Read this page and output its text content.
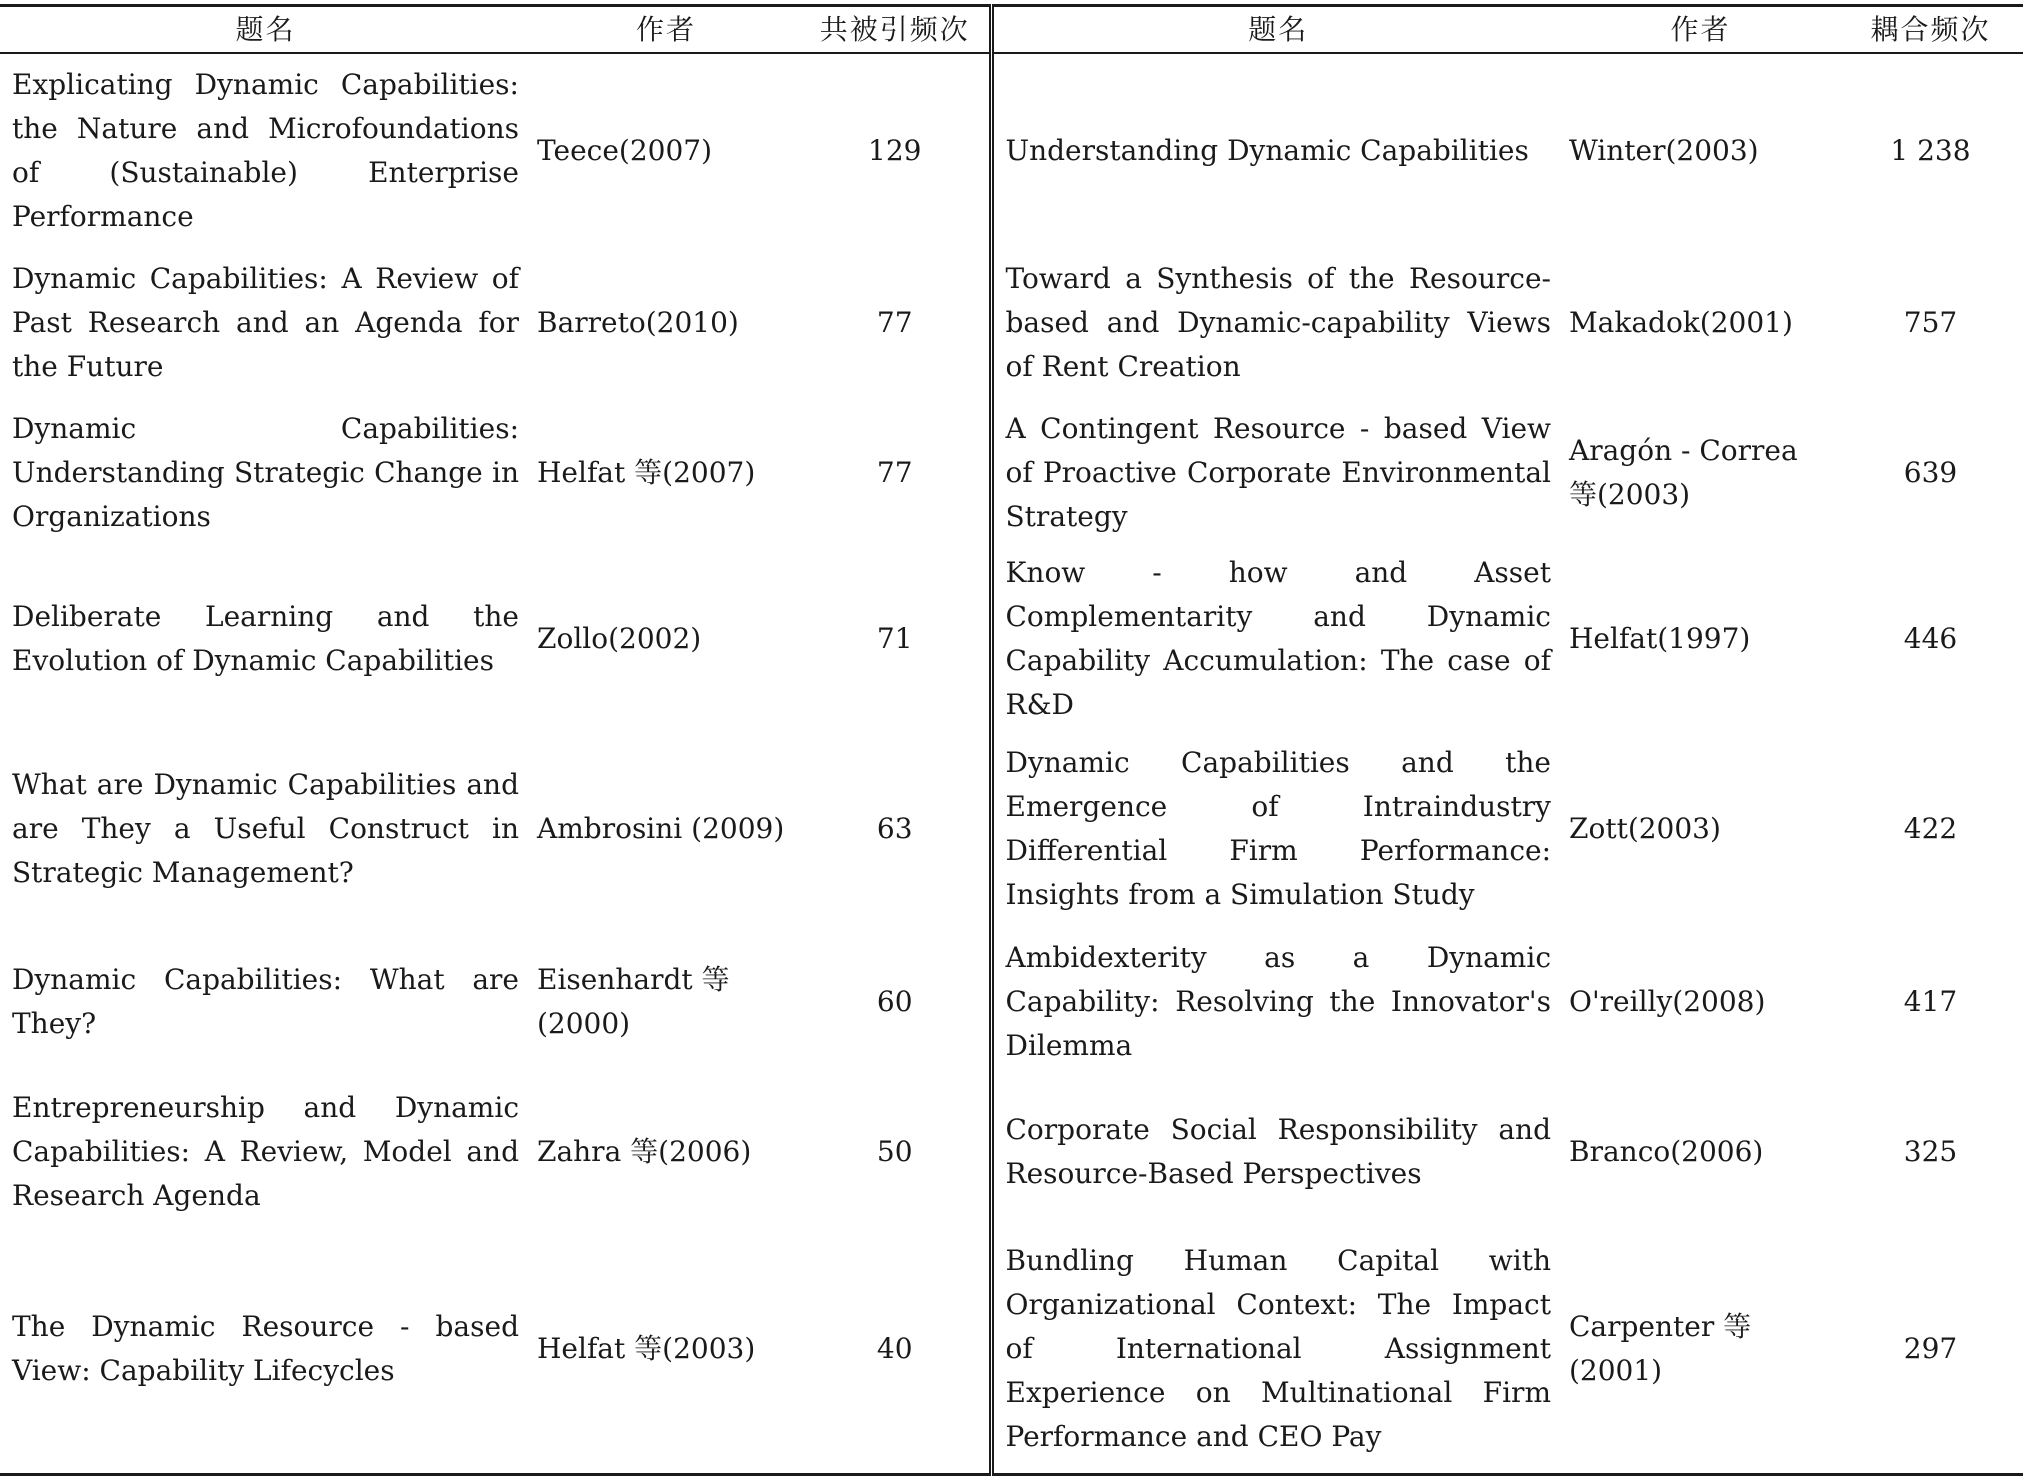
题名	作者	共被引频次	题名	作者	耦合频次
Explicating Dynamic Capabilities: the Nature and Microfoundations of (Sustainable) Enterprise Performance	Teece(2007)	129	Understanding Dynamic Capabilities	Winter(2003)	1 238
Dynamic Capabilities: A Review of Past Research and an Agenda for the Future	Barreto(2010)	77	Toward a Synthesis of the Resource-based and Dynamic-capability Views of Rent Creation	Makadok(2001)	757
Dynamic Capabilities: Understanding Strategic Change in Organizations	Helfat 等(2007)	77	A Contingent Resource - based View of Proactive Corporate Environmental Strategy	Aragón - Correa 等(2003)	639
Deliberate Learning and the Evolution of Dynamic Capabilities	Zollo(2002)	71	Know - how and Asset Complementarity and Dynamic Capability Accumulation: The case of R&D	Helfat(1997)	446
What are Dynamic Capabilities and are They a Useful Construct in Strategic Management?	Ambrosini (2009)	63	Dynamic Capabilities and the Emergence of Intraindustry Differential Firm Performance: Insights from a Simulation Study	Zott(2003)	422
Dynamic Capabilities: What are They?	Eisenhardt 等 (2000)	60	Ambidexterity as a Dynamic Capability: Resolving the Innovator's Dilemma	O'reilly(2008)	417
Entrepreneurship and Dynamic Capabilities: A Review, Model and Research Agenda	Zahra 等(2006)	50	Corporate Social Responsibility and Resource-Based Perspectives	Branco(2006)	325
The Dynamic Resource - based View: Capability Lifecycles	Helfat 等(2003)	40	Bundling Human Capital with Organizational Context: The Impact of International Assignment Experience on Multinational Firm Performance and CEO Pay	Carpenter 等 (2001)	297
